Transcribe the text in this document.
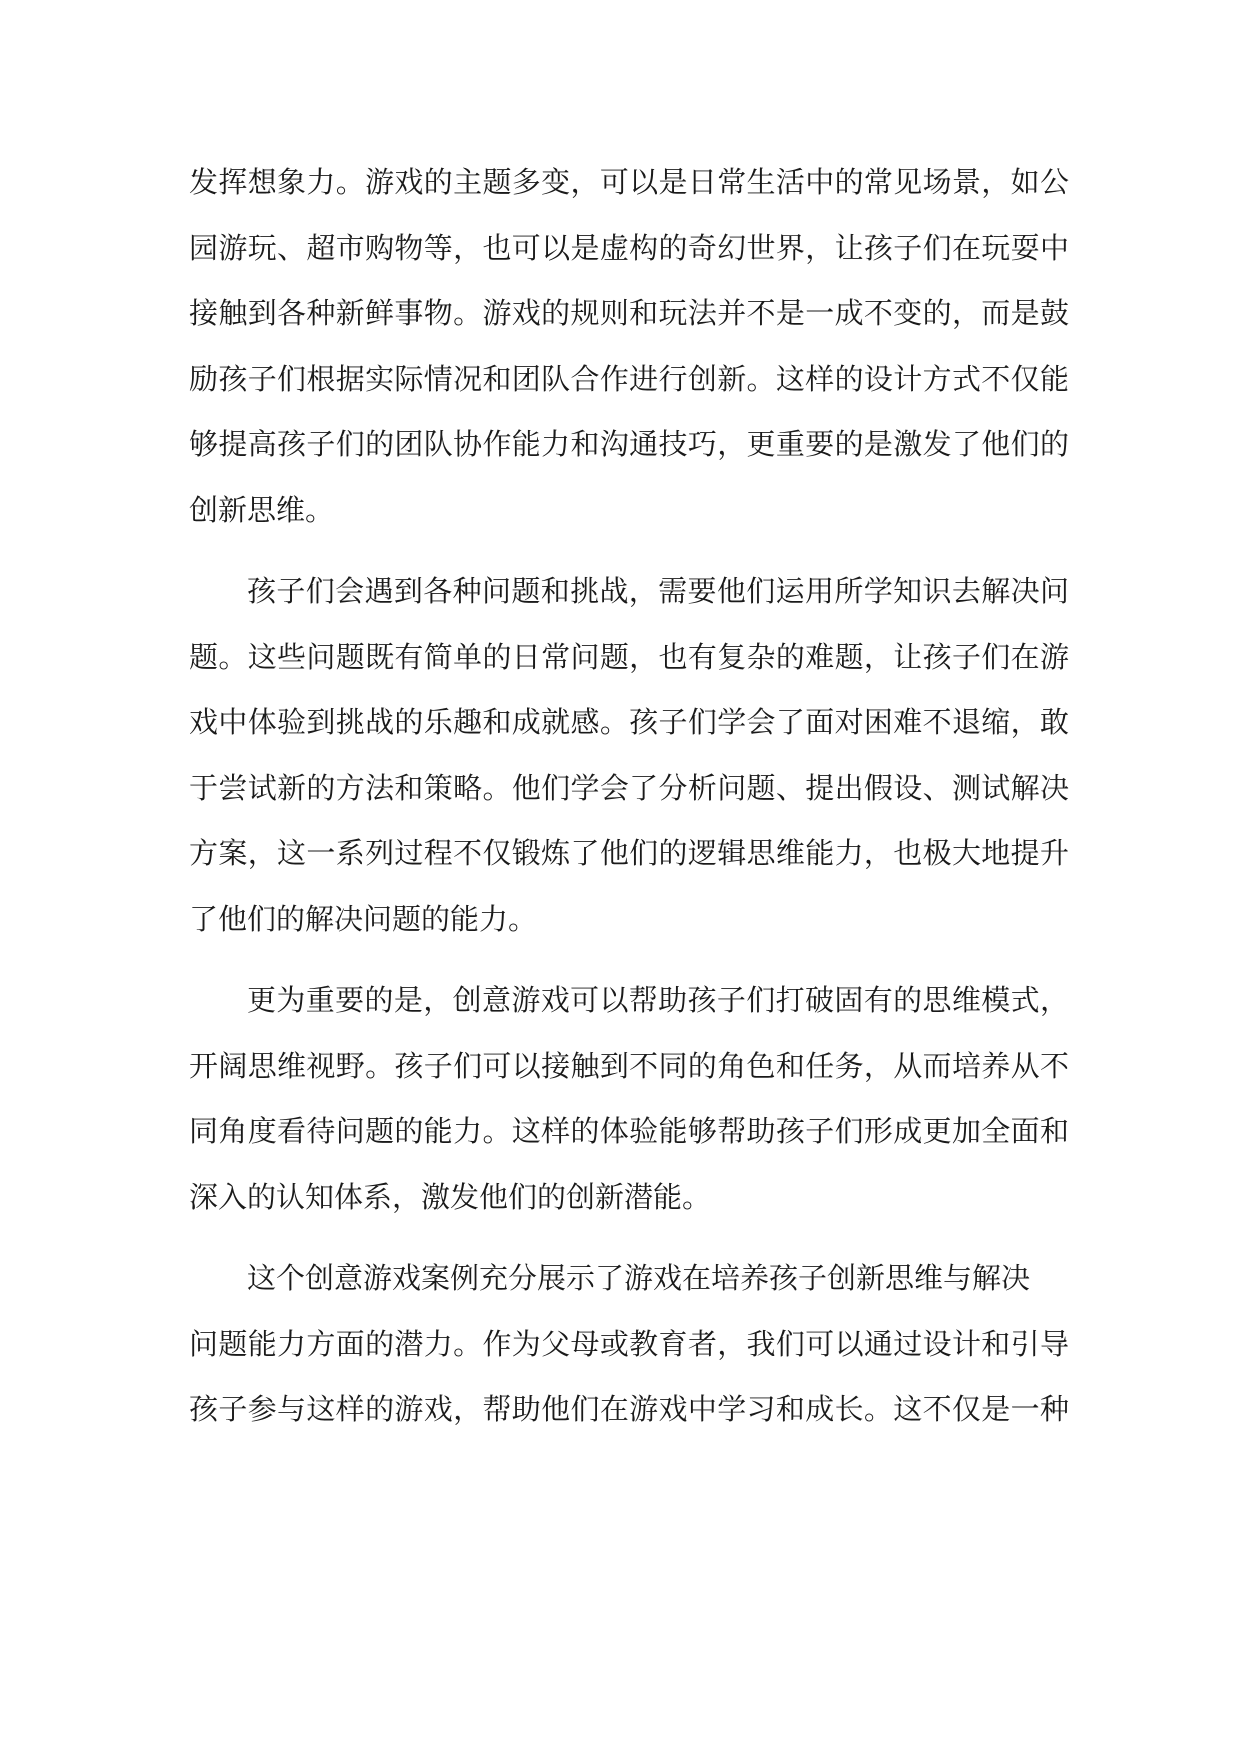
发挥想象力。游戏的主题多变，可以是日常生活中的常见场景，如公
园游玩、超市购物等，也可以是虚构的奇幻世界，让孩子们在玩耍中
接触到各种新鲜事物。游戏的规则和玩法并不是一成不变的，而是鼓
励孩子们根据实际情况和团队合作进行创新。这样的设计方式不仅能
够提高孩子们的团队协作能力和沟通技巧，更重要的是激发了他们的
创新思维。
孩子们会遇到各种问题和挑战，需要他们运用所学知识去解决问
题。这些问题既有简单的日常问题，也有复杂的难题，让孩子们在游
戏中体验到挑战的乐趣和成就感。孩子们学会了面对困难不退缩，敢
于尝试新的方法和策略。他们学会了分析问题、提出假设、测试解决
方案，这一系列过程不仅锻炼了他们的逻辑思维能力，也极大地提升
了他们的解决问题的能力。
更为重要的是，创意游戏可以帮助孩子们打破固有的思维模式，
开阔思维视野。孩子们可以接触到不同的角色和任务，从而培养从不
同角度看待问题的能力。这样的体验能够帮助孩子们形成更加全面和
深入的认知体系，激发他们的创新潜能。
这个创意游戏案例充分展示了游戏在培养孩子创新思维与解决
问题能力方面的潜力。作为父母或教育者，我们可以通过设计和引导
孩子参与这样的游戏，帮助他们在游戏中学习和成长。这不仅是一种
